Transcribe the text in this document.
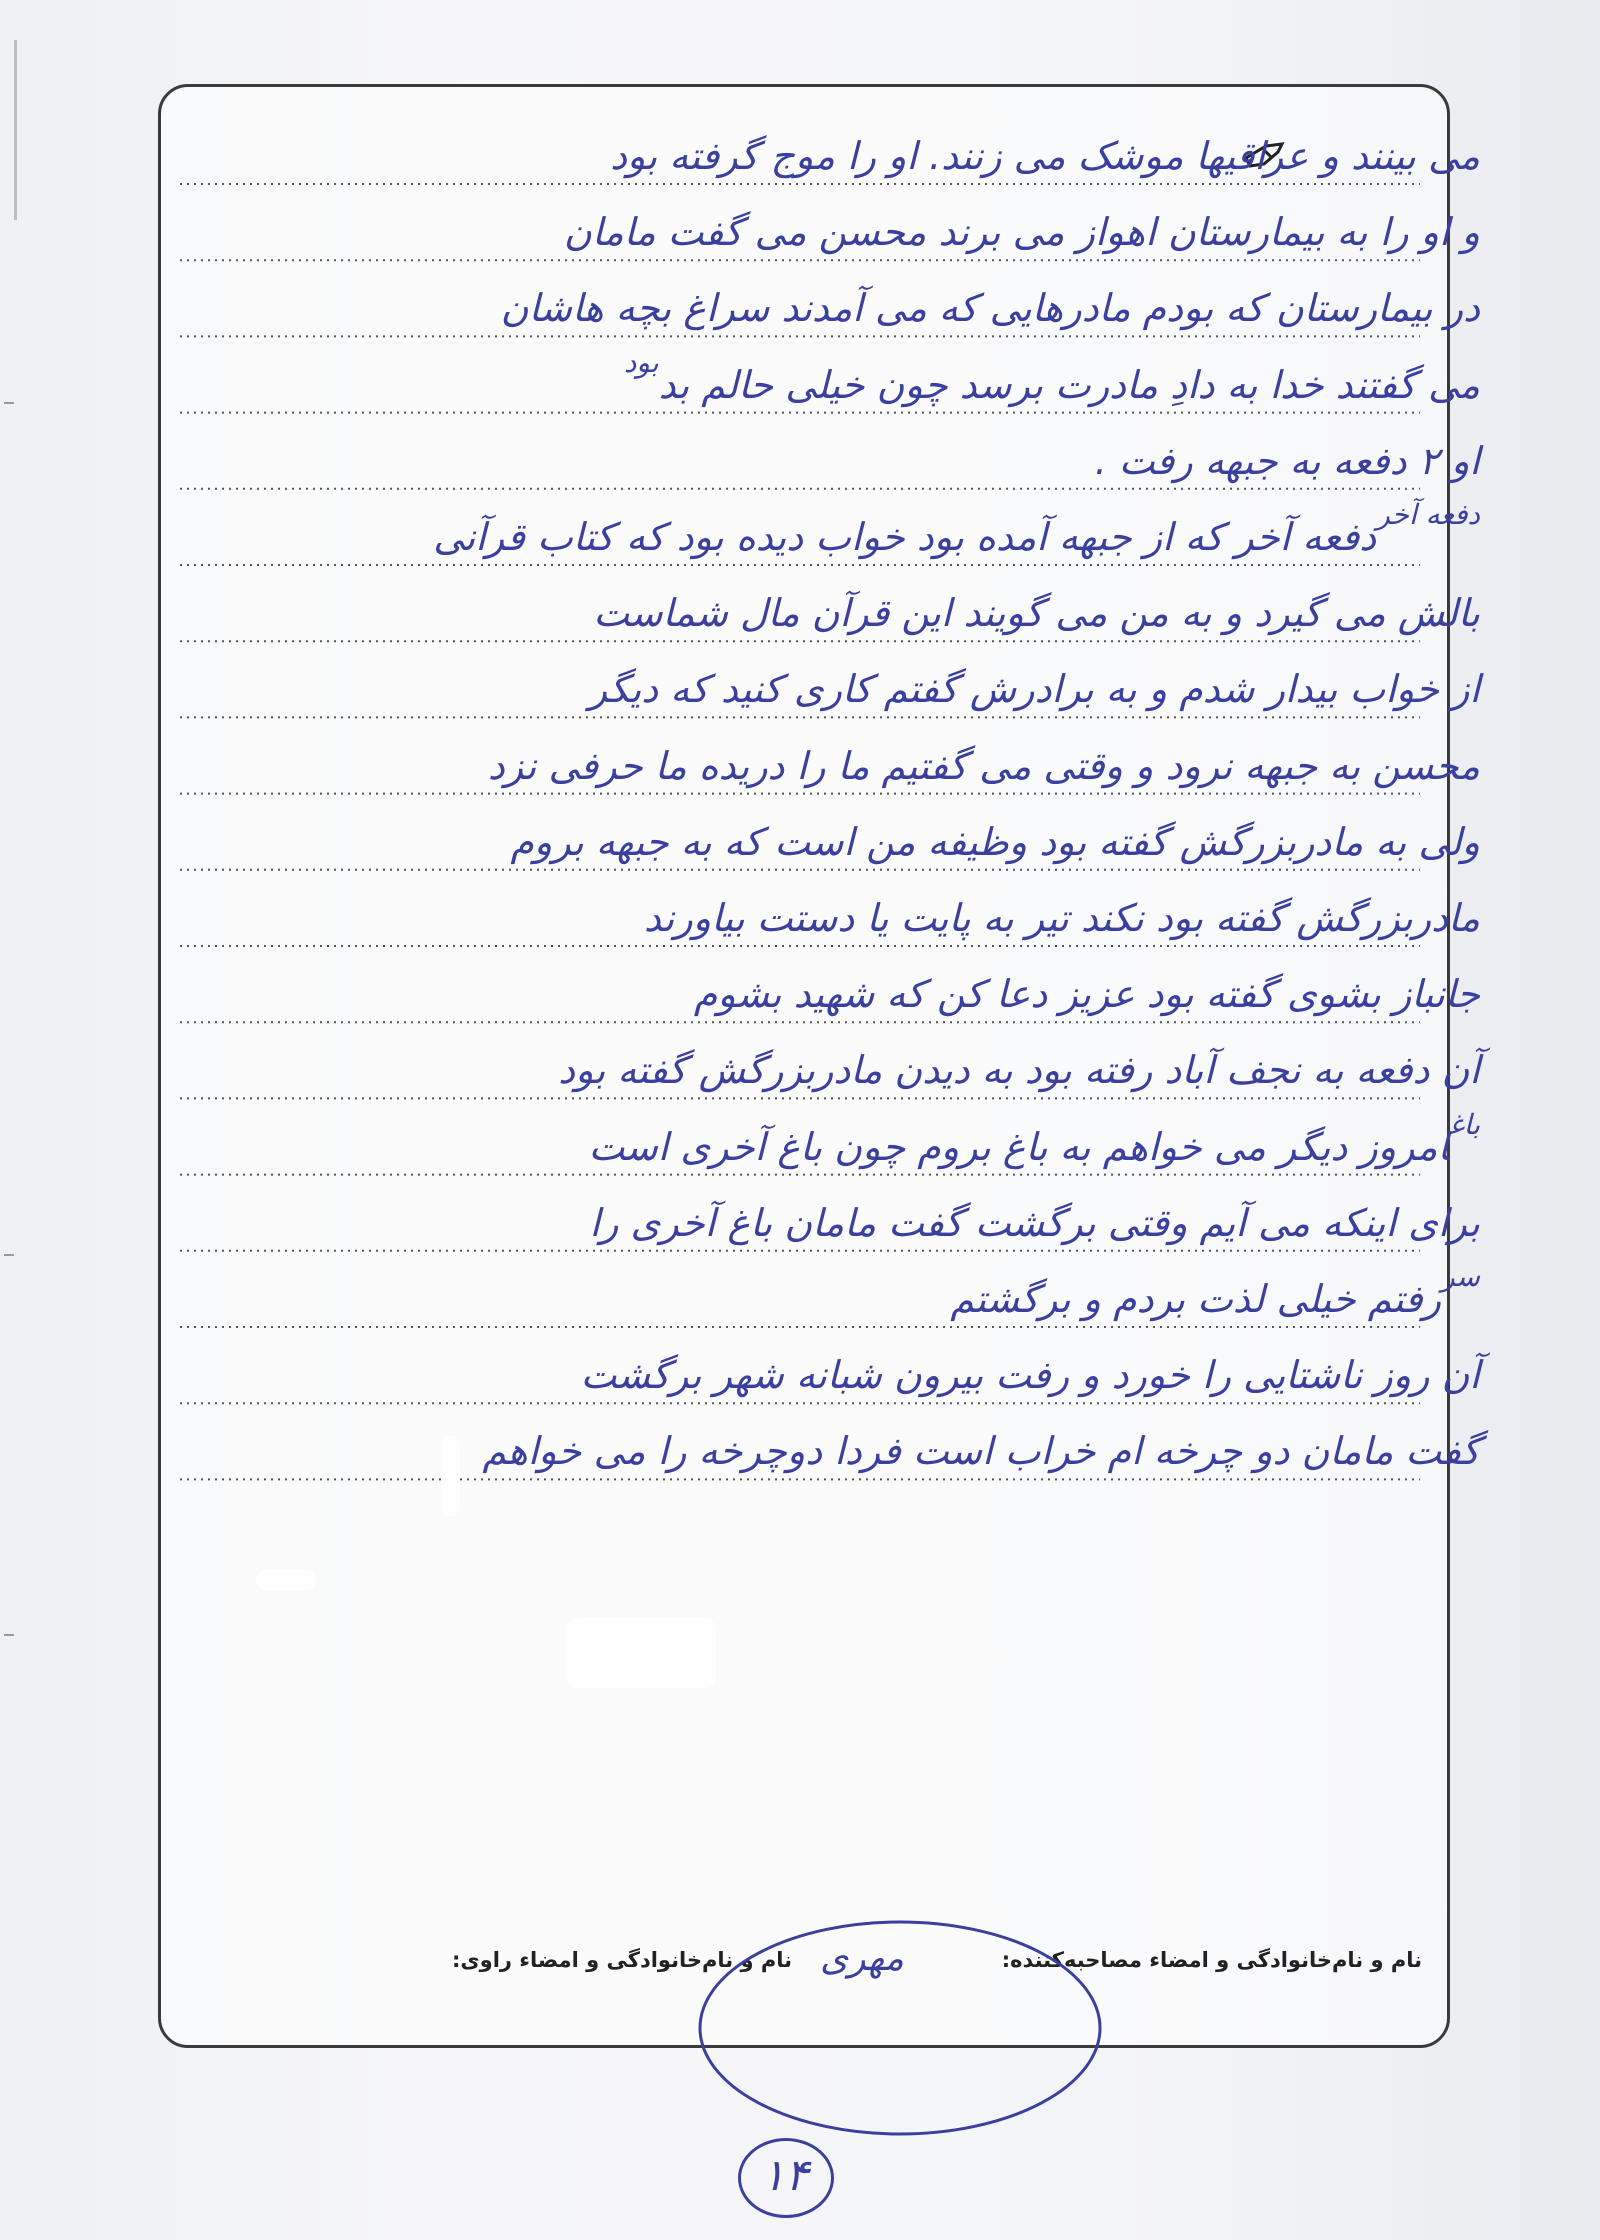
می بینند و عراقیها موشک می زنند. او را موج گرفته بود
و او را به بیمارستان اهواز می برند محسن می گفت مامان
در بیمارستان که بودم مادرهایی که می آمدند سراغ بچه هاشان
می گفتند خدا به دادِ مادرت برسد چون خیلی حالم بد$^{بود}$
او ۲ دفعه به جبهه رفت .
$^{دفعه آخر}$دفعه آخر که از جبهه آمده بود خواب دیده بود که کتاب قرآنی
بالش می گیرد و به من می گویند این قرآن مال شماست
از خواب بیدار شدم و به برادرش گفتم کاری کنید که دیگر
محسن به جبهه نرود و وقتی می گفتیم ما را دریده ما حرفی نزد
ولی به مادربزرگش گفته بود وظیفه من است که به جبهه بروم
مادربزرگش گفته بود نکند تیر به پایت یا دستت بیاورند
جانباز بشوی گفته بود عزیز دعا کن که شهید بشوم
آن دفعه به نجف آباد رفته بود به دیدن مادربزرگش گفته بود
$^{باغ}$امروز دیگر می خواهم به باغ بروم چون باغ آخری است
برای اینکه می آیم وقتی برگشت گفت مامان باغ آخری را
$^{سر}$رفتم خیلی لذت بردم و برگشتم
آن روز ناشتایی را خورد و رفت بیرون شبانه شهر برگشت
گفت مامان دو چرخه ام خراب است فردا دوچرخه را می خواهم
نام و نام‌خانوادگی و امضاء مصاحبه‌کننده:
نام و نام‌خانوادگی و امضاء راوی: مهری
۱۴
